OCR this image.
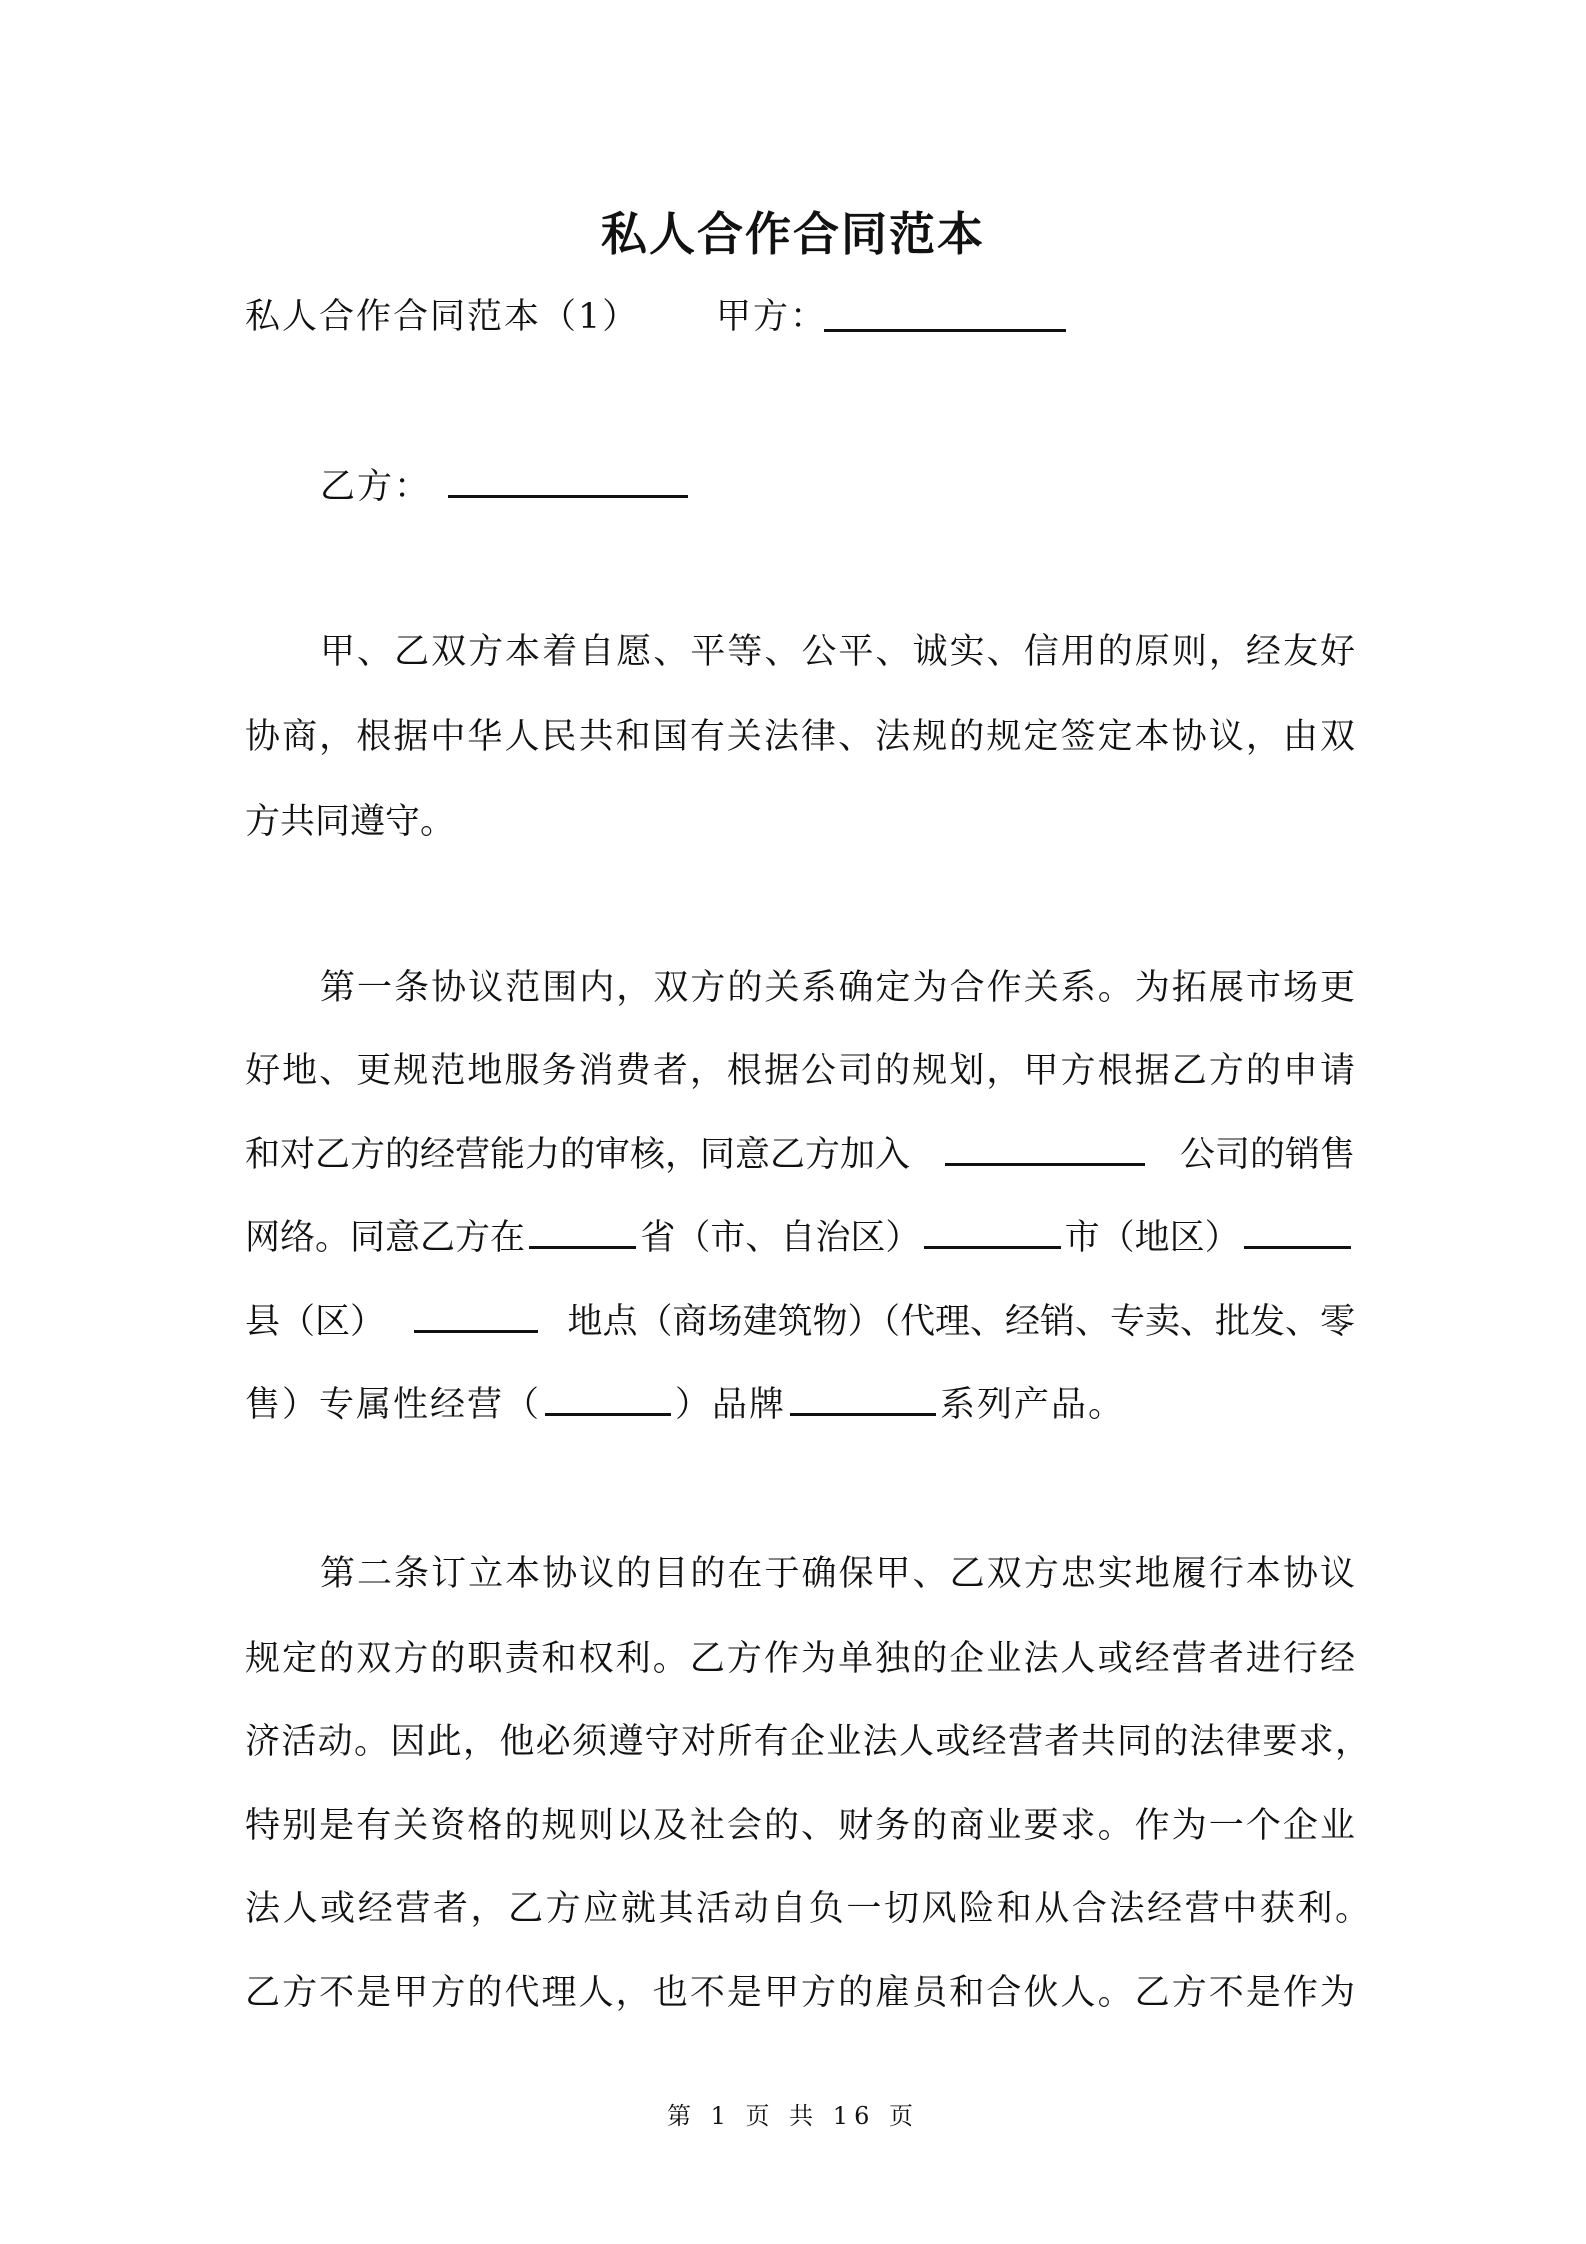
私人合作合同范本
私人合作合同范本（1） 甲方：
乙方：
甲、乙双方本着自愿、平等、公平、诚实、信用的原则，经友好
协商，根据中华人民共和国有关法律、法规的规定签定本协议，由双
方共同遵守。
第一条协议范围内，双方的关系确定为合作关系。为拓展市场更
好地、更规范地服务消费者，根据公司的规划，甲方根据乙方的申请
和对乙方的经营能力的审核，同意乙方加入	公司的销售
网络。同意乙方在	省（市、自治区）	市（地区）
县（区）	地点（商场建筑物）（代理、经销、专卖、批发、零
售）专属性经营（	）品牌	系列产品。
第二条订立本协议的目的在于确保甲、乙双方忠实地履行本协议
规定的双方的职责和权利。乙方作为单独的企业法人或经营者进行经
济活动。因此，他必须遵守对所有企业法人或经营者共同的法律要求，
特别是有关资格的规则以及社会的、财务的商业要求。作为一个企业
法人或经营者，乙方应就其活动自负一切风险和从合法经营中获利。
乙方不是甲方的代理人，也不是甲方的雇员和合伙人。乙方不是作为
第 1 页 共 16 页
